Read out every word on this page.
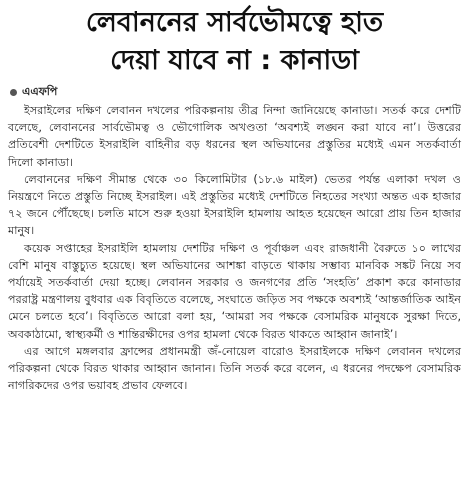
লেবাননের সার্বভৌমত্বে হাত
দেয়া যাবে না : কানাডা
এএফপি

ইসরাইলের দক্ষিণ লেবানন দখলের পরিকল্পনায় তীব্র নিন্দা জানিয়েছে কানাডা। সতর্ক করে দেশটি বলেছে, লেবাননের সার্বভৌমত্ব ও ভৌগোলিক অখণ্ডতা ‘অবশ্যই লঙ্ঘন করা যাবে না’। উত্তরের প্রতিবেশী দেশটিতে ইসরাইলি বাহিনীর বড় ধরনের স্থল অভিযানের প্রস্তুতির মধ্যেই এমন সতর্কবার্তা দিলো কানাডা।

লেবাননের দক্ষিণ সীমান্ত থেকে ৩০ কিলোমিটার (১৮.৬ মাইল) ভেতর পর্যন্ত এলাকা দখল ও নিয়ন্ত্রণে নিতে প্রস্তুতি নিচ্ছে ইসরাইল। এই প্রস্তুতির মধ্যেই দেশটিতে নিহতের সংখ্যা অন্তত এক হাজার ৭২ জনে পৌঁছেছে। চলতি মাসে শুরু হওয়া ইসরাইলি হামলায় আহত হয়েছেন আরো প্রায় তিন হাজার মানুষ।

কয়েক সপ্তাহের ইসরাইলি হামলায় দেশটির দক্ষিণ ও পূর্বাঞ্চল এবং রাজধানী বৈরুতে ১০ লাখের বেশি মানুষ বাস্তুচ্যুত হয়েছে। স্থল অভিযানের আশঙ্কা বাড়তে থাকায় সম্ভাব্য মানবিক সঙ্কট নিয়ে সব পর্যায়েই সতর্কবার্তা দেয়া হচ্ছে। লেবানন সরকার ও জনগণের প্রতি ‘সংহতি’ প্রকাশ করে কানাডার পররাষ্ট্র মন্ত্রণালয় বুধবার এক বিবৃতিতে বলেছে, সংঘাতে জড়িত সব পক্ষকে অবশ্যই ‘আন্তর্জাতিক আইন মেনে চলতে হবে’। বিবৃতিতে আরো বলা হয়, ‘আমরা সব পক্ষকে বেসামরিক মানুষকে সুরক্ষা দিতে, অবকাঠামো, স্বাস্থ্যকর্মী ও শান্তিরক্ষীদের ওপর হামলা থেকে বিরত থাকতে আহ্বান জানাই’।

এর আগে মঙ্গলবার ফ্রান্সের প্রধানমন্ত্রী জঁ-নোয়েল বারোও ইসরাইলকে দক্ষিণ লেবানন দখলের পরিকল্পনা থেকে বিরত থাকার আহ্বান জানান। তিনি সতর্ক করে বলেন, এ ধরনের পদক্ষেপ বেসামরিক নাগরিকদের ওপর ভয়াবহ প্রভাব ফেলবে।
